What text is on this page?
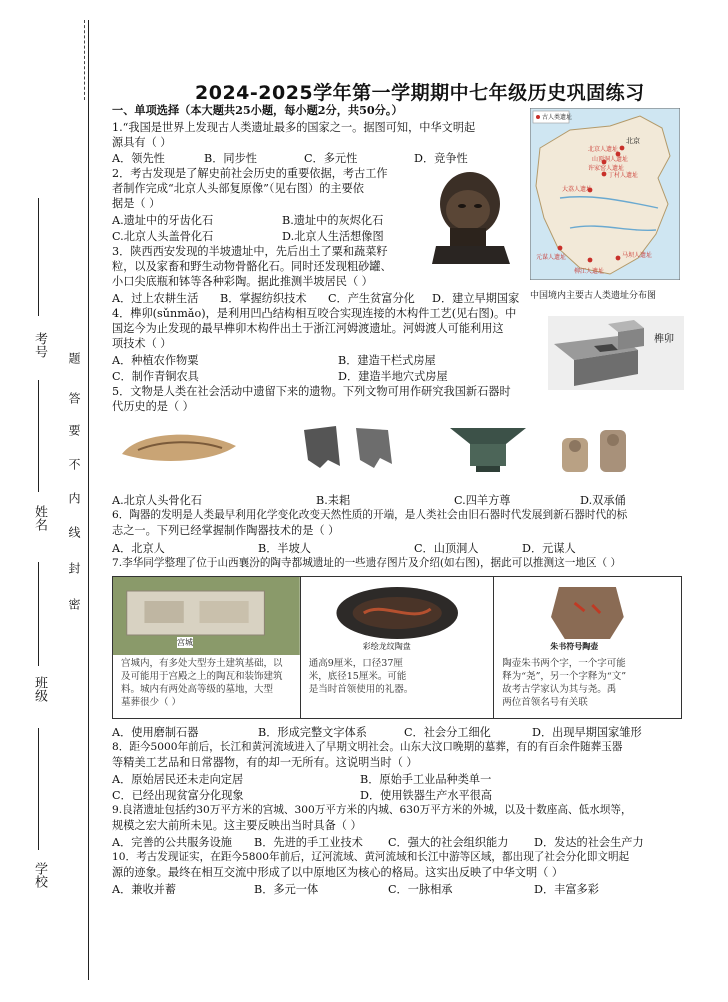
题
答
要
不
内
线
封
密
考号
姓名
班级
学校
2024-2025学年第一学期期中七年级历史巩固练习
一、单项选择（本大题共25小题，每小题2分，共50分。）
1.“我国是世界上发现古人类遗址最多的国家之一。据图可知，中华文明起
源具有（ ）
A．领先性	B．同步性	C．多元性	D．竞争性
古人类遗址
北京
北京人遗址
山顶洞人遗址
丁村人遗址
大荔人遗址
许家窑人遗址
元谋人遗址	马坝人遗址
柳江人遗址
中国境内主要古人类遗址分布图
2．考古发现是了解史前社会历史的重要依据，考古工作
者制作完成“北京人头部复原像”（见右图）的主要依
据是（ ）
A.遗址中的牙齿化石	B.遗址中的灰烬化石
C.北京人头盖骨化石	D.北京人生活想像图
3．陕西西安发现的半坡遗址中，先后出土了粟和蔬菜籽
粒，以及家畜和野生动物骨骼化石。同时还发现粗砂罐、
小口尖底瓶和钵等各种彩陶。据此推测半坡居民（ ）
A．过上农耕生活 B．掌握纺织技术 C．产生贫富分化 D．建立早期国家
4．榫卯(sǔnmǎo)，是利用凹凸结构相互咬合实现连接的木构件工艺(见右图)。中
国迄今为止发现的最早榫卯木构件出土于浙江河姆渡遗址。河姆渡人可能利用这
项技术（ ）
A．种植农作物粟	B．建造干栏式房屋
C．制作青铜农具	D．建造半地穴式房屋
榫卯
5．文物是人类在社会活动中遗留下来的遗物。下列文物可用作研究我国新石器时
代历史的是（ ）
A.北京人头骨化石	B.耒耜	C.四羊方尊	D.双承俑
6．陶器的发明是人类最早利用化学变化改变天然性质的开端，是人类社会由旧石器时代发展到新石器时代的标
志之一。下列已经掌握制作陶器技术的是（ ）
A．北京人	B．半坡人	C．山顶洞人	D．元谋人
7.李华同学整理了位于山西襄汾的陶寺都城遗址的一些遗存图片及介绍(如右图)，据此可以推测这一地区（ ）
宫城
宫城内，有多处大型夯土建筑基础，以
及可能用于宫殿之上的陶瓦和装饰建筑
料。城内有两处高等级的墓地，大型
墓葬很少（ ）

彩绘龙纹陶盘
通高9厘米，口径37厘
米，底径15厘米。可能
是当时首领使用的礼器。

朱书符号陶壶
陶壶朱书两个字，一个字可能
释为“尧”，另一个字释为“文”
故考古学家认为其与尧。禹
两位首领名号有关联
A．使用磨制石器	B．形成完整文字体系	C．社会分工细化	D．出现早期国家雏形
8．距今5000年前后，长江和黄河流域进入了早期文明社会。山东大汶口晚期的墓葬，有的有百余件随葬玉器
等精美工艺品和日常器物，有的却一无所有。这说明当时（ ）
A．原始居民还未走向定居	B．原始手工业品种类单一
C．已经出现贫富分化现象	D．使用铁器生产水平很高
9.良渚遗址包括约30万平方米的宫城、300万平方米的内城、630万平方米的外城，以及十数座高、低水坝等，
规模之宏大前所未见。这主要反映出当时具备（ ）
A．完善的公共服务设施 B．先进的手工业技术 C．强大的社会组织能力 D．发达的社会生产力
10．考古发现证实，在距今5800年前后，辽河流域、黄河流域和长江中游等区域，都出现了社会分化即文明起
源的迹象。最终在相互交流中形成了以中原地区为核心的格局。这实出反映了中华文明（ ）
A．兼收并蓄	B．多元一体	C．一脉相承	D．丰富多彩
